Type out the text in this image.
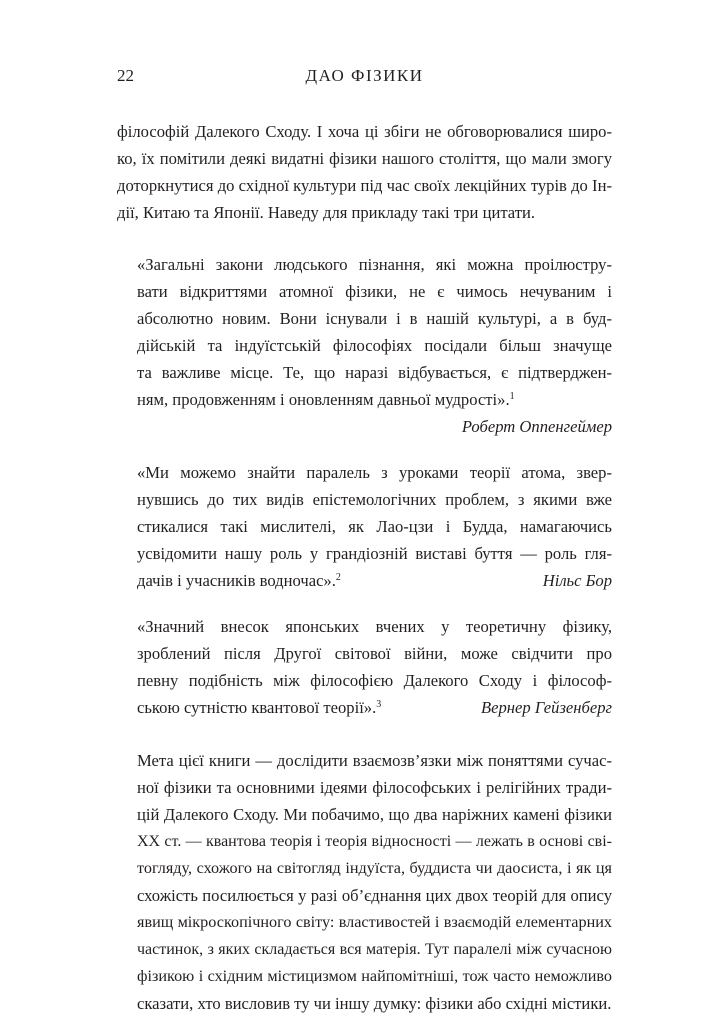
22	ДАО ФІЗИКИ

філософій Далекого Сходу. І хоча ці збіги не обговорювалися широ-
ко, їх помітили деякі видатні фізики нашого століття, що мали змогу
доторкнутися до східної культури під час своїх лекційних турів до Ін-
дії, Китаю та Японії. Наведу для прикладу такі три цитати.

«Загальні закони людського пізнання, які можна проілюстру-
вати відкриттями атомної фізики, не є чимось нечуваним і
абсолютно новим. Вони існували і в нашій культурі, а в буд-
дійській та індуїстській філософіях посідали більш значуще
та важливе місце. Те, що наразі відбувається, є підтверджен-
ням, продовженням і оновленням давньої мудрості».$^1$

Роберт Оппенгеймер

«Ми можемо знайти паралель з уроками теорії атома, звер-
нувшись до тих видів епістемологічних проблем, з якими вже
стикалися такі мислителі, як Лао-цзи і Будда, намагаючись
усвідомити нашу роль у грандіозній виставі буття — роль гля-
дачів і учасників водночас».$^2$	Нільс Бор

«Значний внесок японських вчених у теоретичну фізику,
зроблений після Другої світової війни, може свідчити про
певну подібність між філософією Далекого Сходу і філософ-
ською сутністю квантової теорії».$^3$	Вернер Гейзенберг

Мета цієї книги — дослідити взаємозв’язки між поняттями сучас-
ної фізики та основними ідеями філософських і релігійних тради-
цій Далекого Сходу. Ми побачимо, що два наріжних камені фізики
XX ст. — квантова теорія і теорія відносності — лежать в основі сві-
тогляду, схожого на світогляд індуїста, буддиста чи даосиста, і як ця
схожість посилюється у разі об’єднання цих двох теорій для опису
явищ мікроскопічного світу: властивостей і взаємодій елементарних
частинок, з яких складається вся матерія. Тут паралелі між сучасною
фізикою і східним містицизмом найпомітніші, тож часто неможливо
сказати, хто висловив ту чи іншу думку: фізики або східні містики.
